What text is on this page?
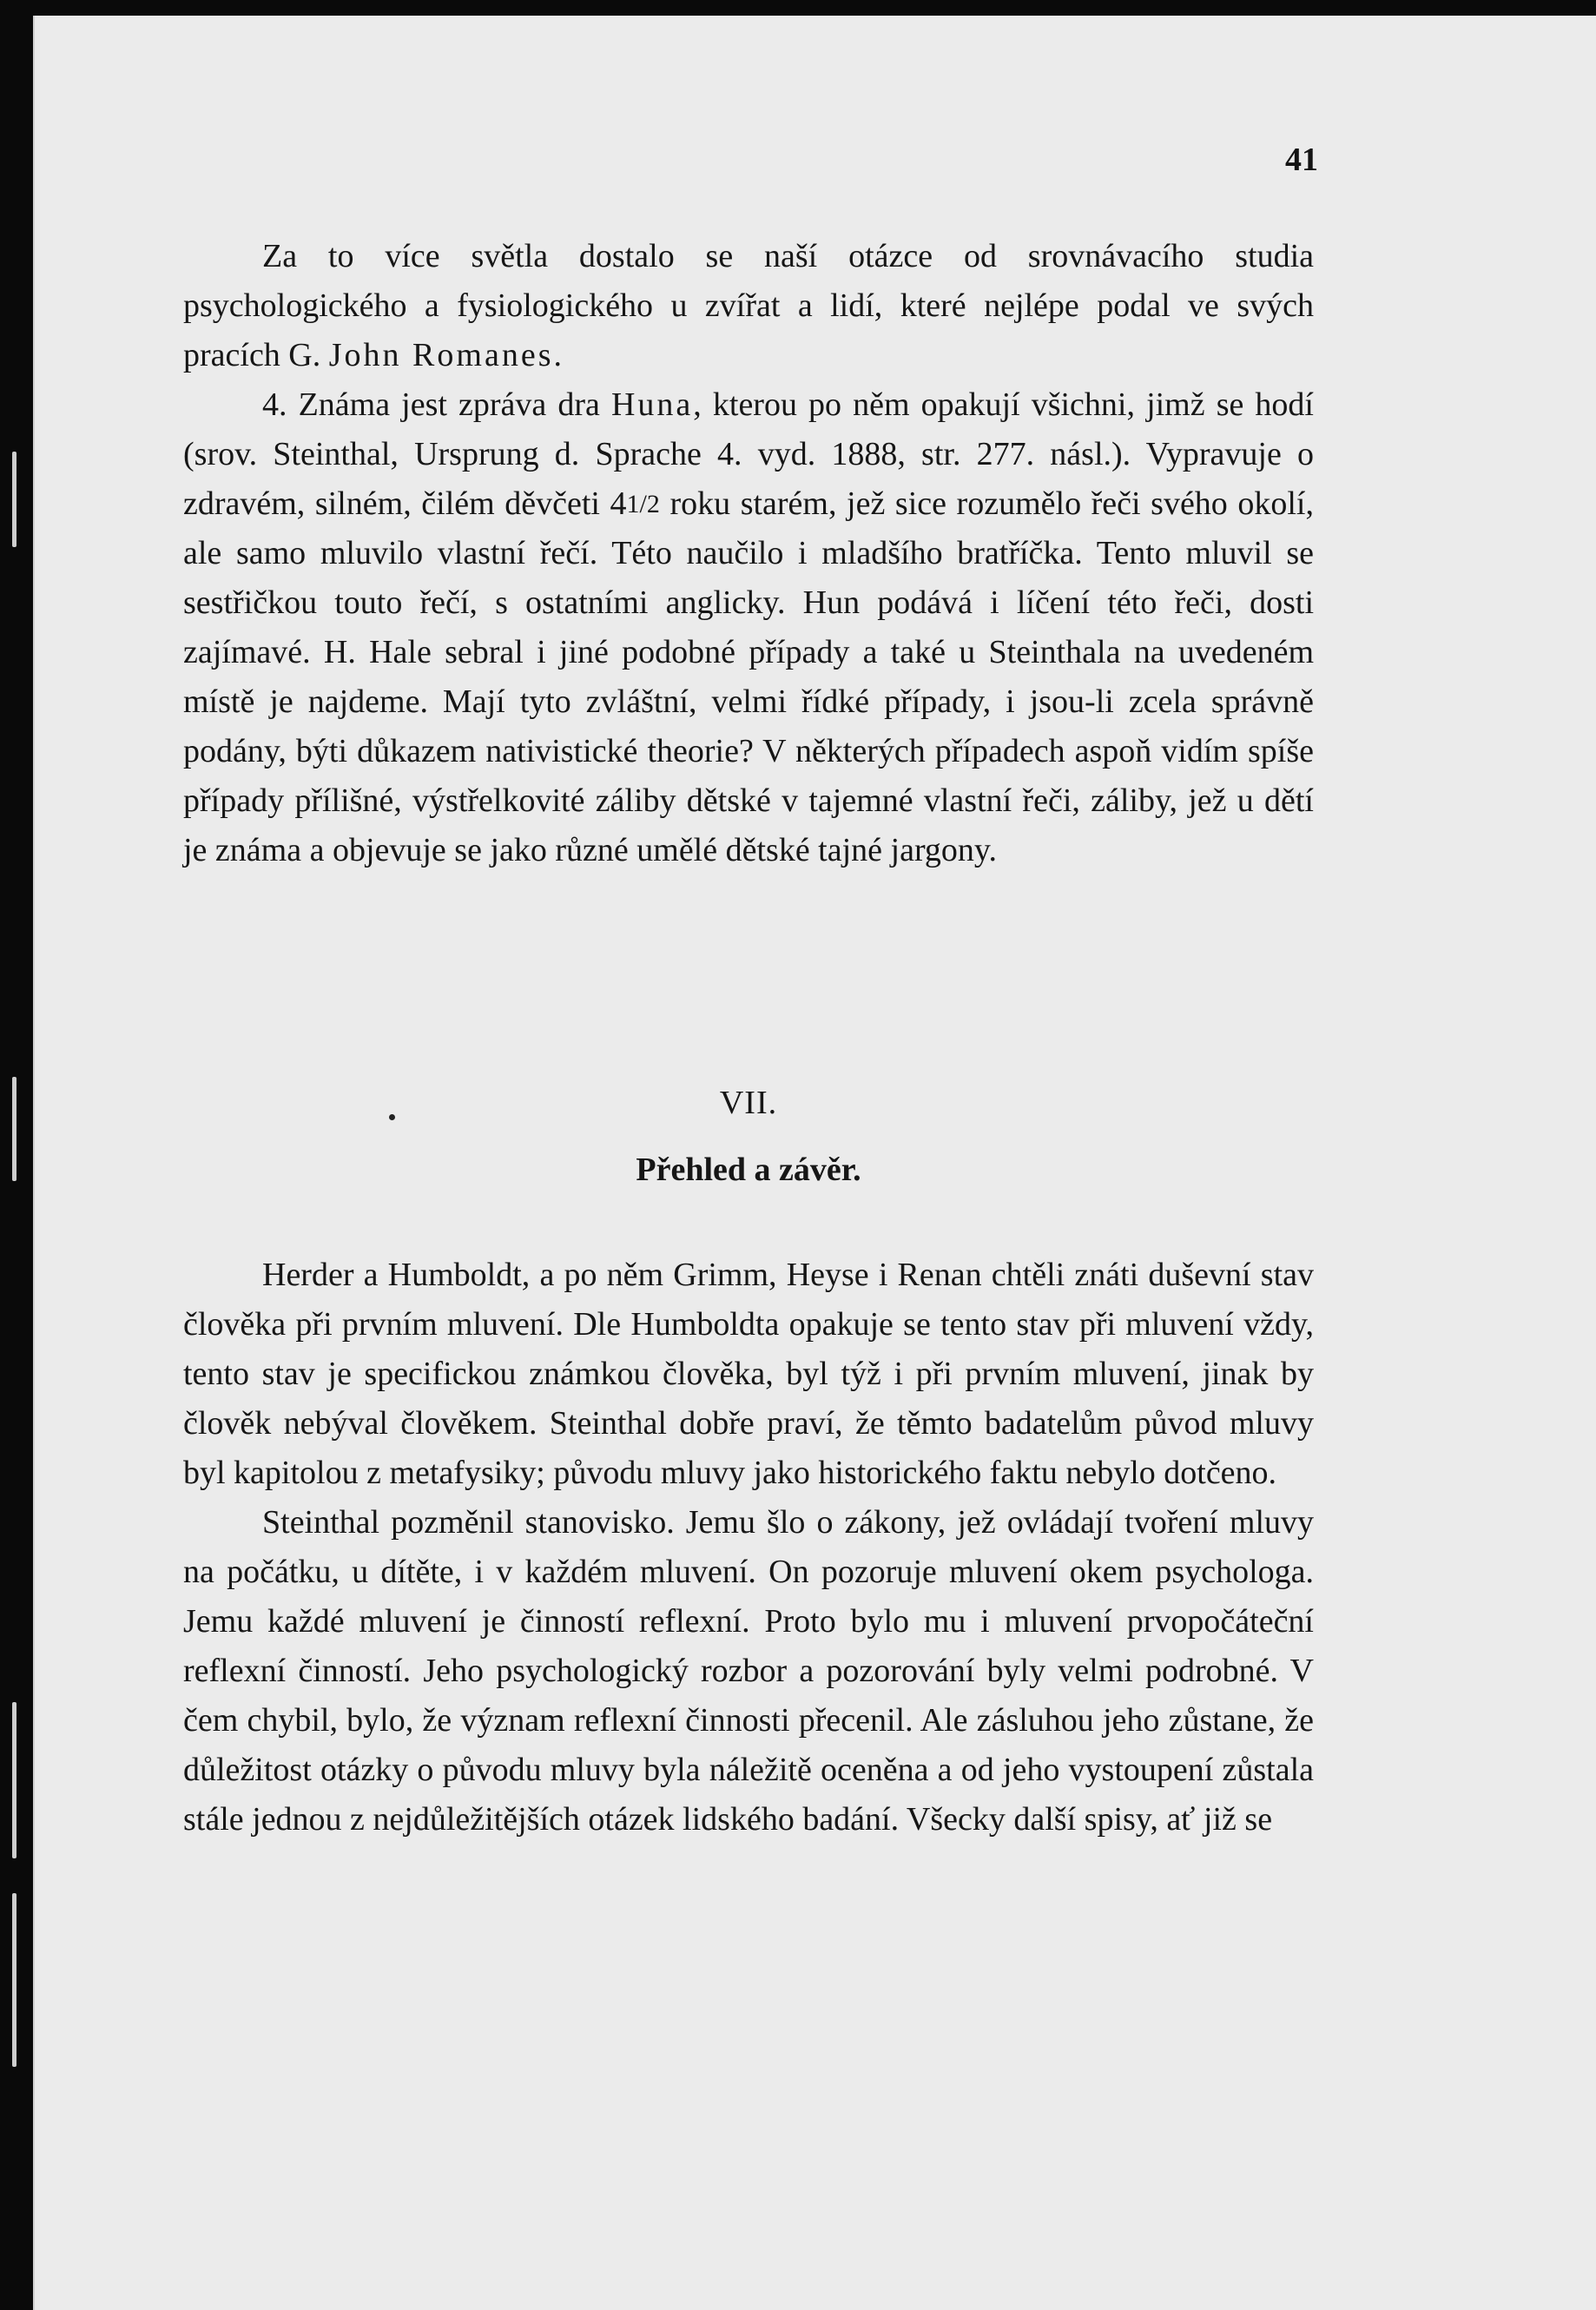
41

Za to více světla dostalo se naší otázce od srovnávacího studia psychologického a fysiologického u zvířat a lidí, které nejlépe podal ve svých pracích G. John Romanes.

4. Známa jest zpráva dra Huna, kterou po něm opakují všichni, jimž se hodí (srov. Steinthal, Ursprung d. Sprache 4. vyd. 1888, str. 277. násl.). Vypravuje o zdravém, silném, čilém děvčeti 41/2 roku starém, jež sice rozumělo řeči svého okolí, ale samo mluvilo vlastní řečí. Této naučilo i mladšího bratříčka. Tento mluvil se sestřičkou touto řečí, s ostatními anglicky. Hun podává i líčení této řeči, dosti zajímavé. H. Hale sebral i jiné podobné případy a také u Steinthala na uvedeném místě je najdeme. Mají tyto zvláštní, velmi řídké případy, i jsou-li zcela správně podány, býti důkazem nativistické theorie? V některých případech aspoň vidím spíše případy přílišné, výstřelkovité záliby dětské v tajemné vlastní řeči, záliby, jež u dětí je známa a objevuje se jako různé umělé dětské tajné jargony.

VII.
Přehled a závěr.

Herder a Humboldt, a po něm Grimm, Heyse i Renan chtěli znáti duševní stav člověka při prvním mluvení. Dle Humboldta opakuje se tento stav při mluvení vždy, tento stav je specifickou známkou člověka, byl týž i při prvním mluvení, jinak by člověk nebýval člověkem. Steinthal dobře praví, že těmto badatelům původ mluvy byl kapitolou z metafysiky; původu mluvy jako historického faktu nebylo dotčeno.

Steinthal pozměnil stanovisko. Jemu šlo o zákony, jež ovládají tvoření mluvy na počátku, u dítěte, i v každém mluvení. On pozoruje mluvení okem psychologa. Jemu každé mluvení je činností reflexní. Proto bylo mu i mluvení prvopočáteční reflexní činností. Jeho psychologický rozbor a pozorování byly velmi podrobné. V čem chybil, bylo, že význam reflexní činnosti přecenil. Ale zásluhou jeho zůstane, že důležitost otázky o původu mluvy byla náležitě oceněna a od jeho vystoupení zůstala stále jednou z nejdůležitějších otázek lidského badání. Všecky další spisy, ať již se
